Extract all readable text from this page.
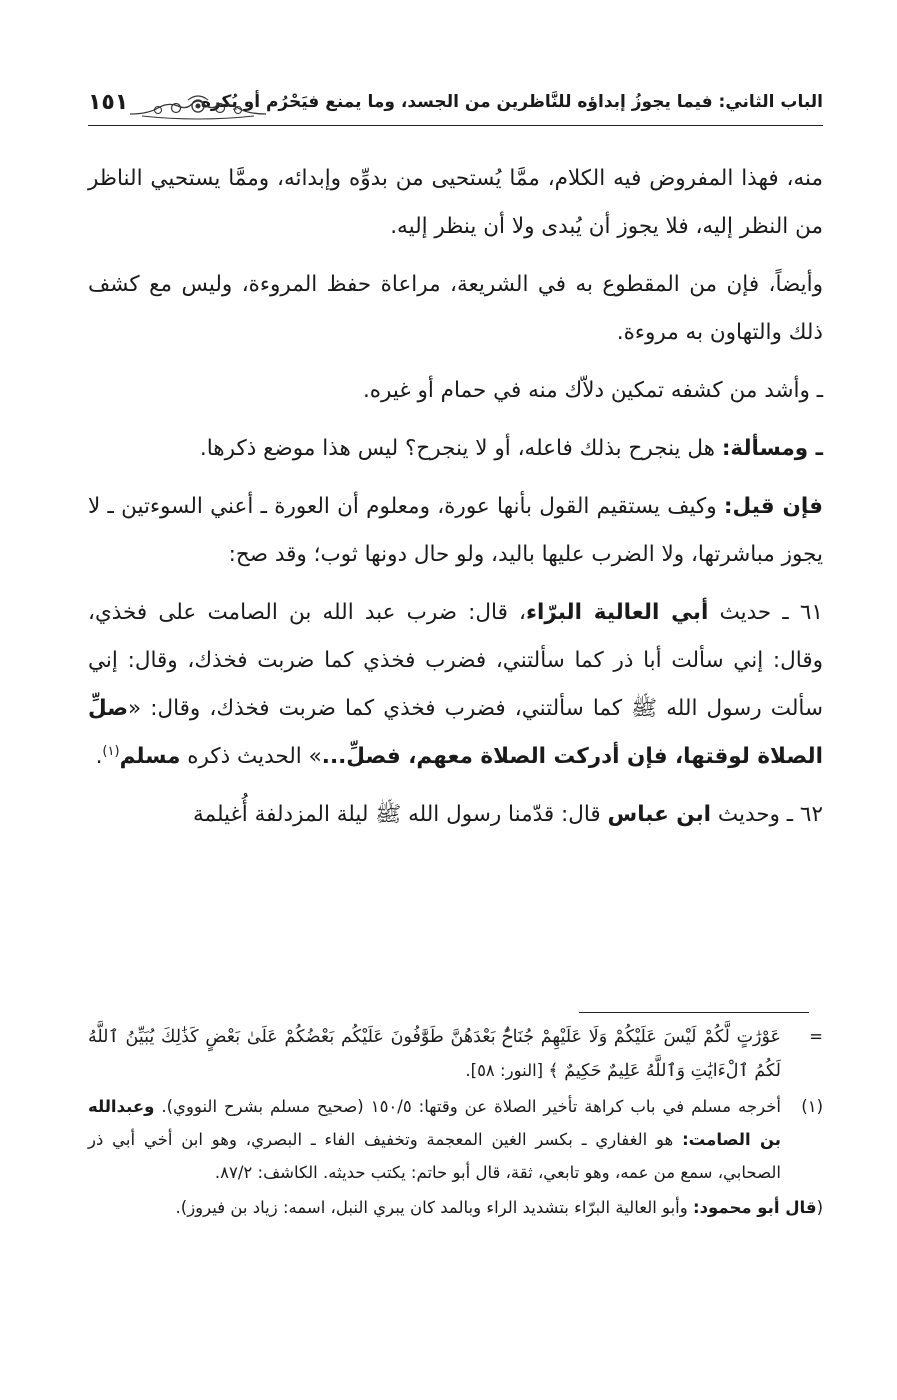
الباب الثاني: فيما يجوزُ إبداؤه للنَّاظرين من الجسد، وما يمنع فيَحْرُم أو يُكره
١٥١

منه، فهذا المفروض فيه الكلام، ممَّا يُستحيى من بدوِّه وإبدائه، وممَّا يستحيي الناظر من النظر إليه، فلا يجوز أن يُبدى ولا أن ينظر إليه.

وأيضاً، فإن من المقطوع به في الشريعة، مراعاة حفظ المروءة، وليس مع كشف ذلك والتهاون به مروءة.

ـ وأشد من كشفه تمكين دلاّك منه في حمام أو غيره.

ـ ومسألة: هل ينجرح بذلك فاعله، أو لا ينجرح؟ ليس هذا موضع ذكرها.

فإن قيل: وكيف يستقيم القول بأنها عورة، ومعلوم أن العورة ـ أعني السوءتين ـ لا يجوز مباشرتها، ولا الضرب عليها باليد، ولو حال دونها ثوب؛ وقد صح:

٦١ ـ حديث أبي العالية البرّاء، قال: ضرب عبد الله بن الصامت على فخذي، وقال: إني سألت أبا ذر كما سألتني، فضرب فخذي كما ضربت فخذك، وقال: إني سألت رسول الله ﷺ كما سألتني، فضرب فخذي كما ضربت فخذك، وقال: «صلِّ الصلاة لوقتها، فإن أدركت الصلاة معهم، فصلِّ...» الحديث ذكره مسلم$^{(١)}$.

٦٢ ـ وحديث ابن عباس قال: قدّمنا رسول الله ﷺ ليلة المزدلفة أُغيلمة

=
عَوْرَٰتٍ لَّكُمْ لَيْسَ عَلَيْكُمْ وَلَا عَلَيْهِمْ جُنَاحٌۢ بَعْدَهُنَّ طَوَّٰفُونَ عَلَيْكُم بَعْضُكُمْ عَلَىٰ بَعْضٍ كَذَٰلِكَ يُبَيِّنُ ٱللَّهُ لَكُمُ ٱلْءَايَٰتِ وَٱللَّهُ عَلِيمٌ حَكِيمٌ ﴾ [النور: ٥٨].
(١)
أخرجه مسلم في باب كراهة تأخير الصلاة عن وقتها: ١٥٠/٥ (صحيح مسلم بشرح النووي). وعبدالله بن الصامت: هو الغفاري ـ بكسر الغين المعجمة وتخفيف الفاء ـ البصري، وهو ابن أخي أبي ذر الصحابي، سمع من عمه، وهو تابعي، ثقة، قال أبو حاتم: يكتب حديثه. الكاشف: ٨٧/٢.
(قال أبو محمود: وأبو العالية البرّاء بتشديد الراء وبالمد كان يبري النبل، اسمه: زياد بن فيروز).
